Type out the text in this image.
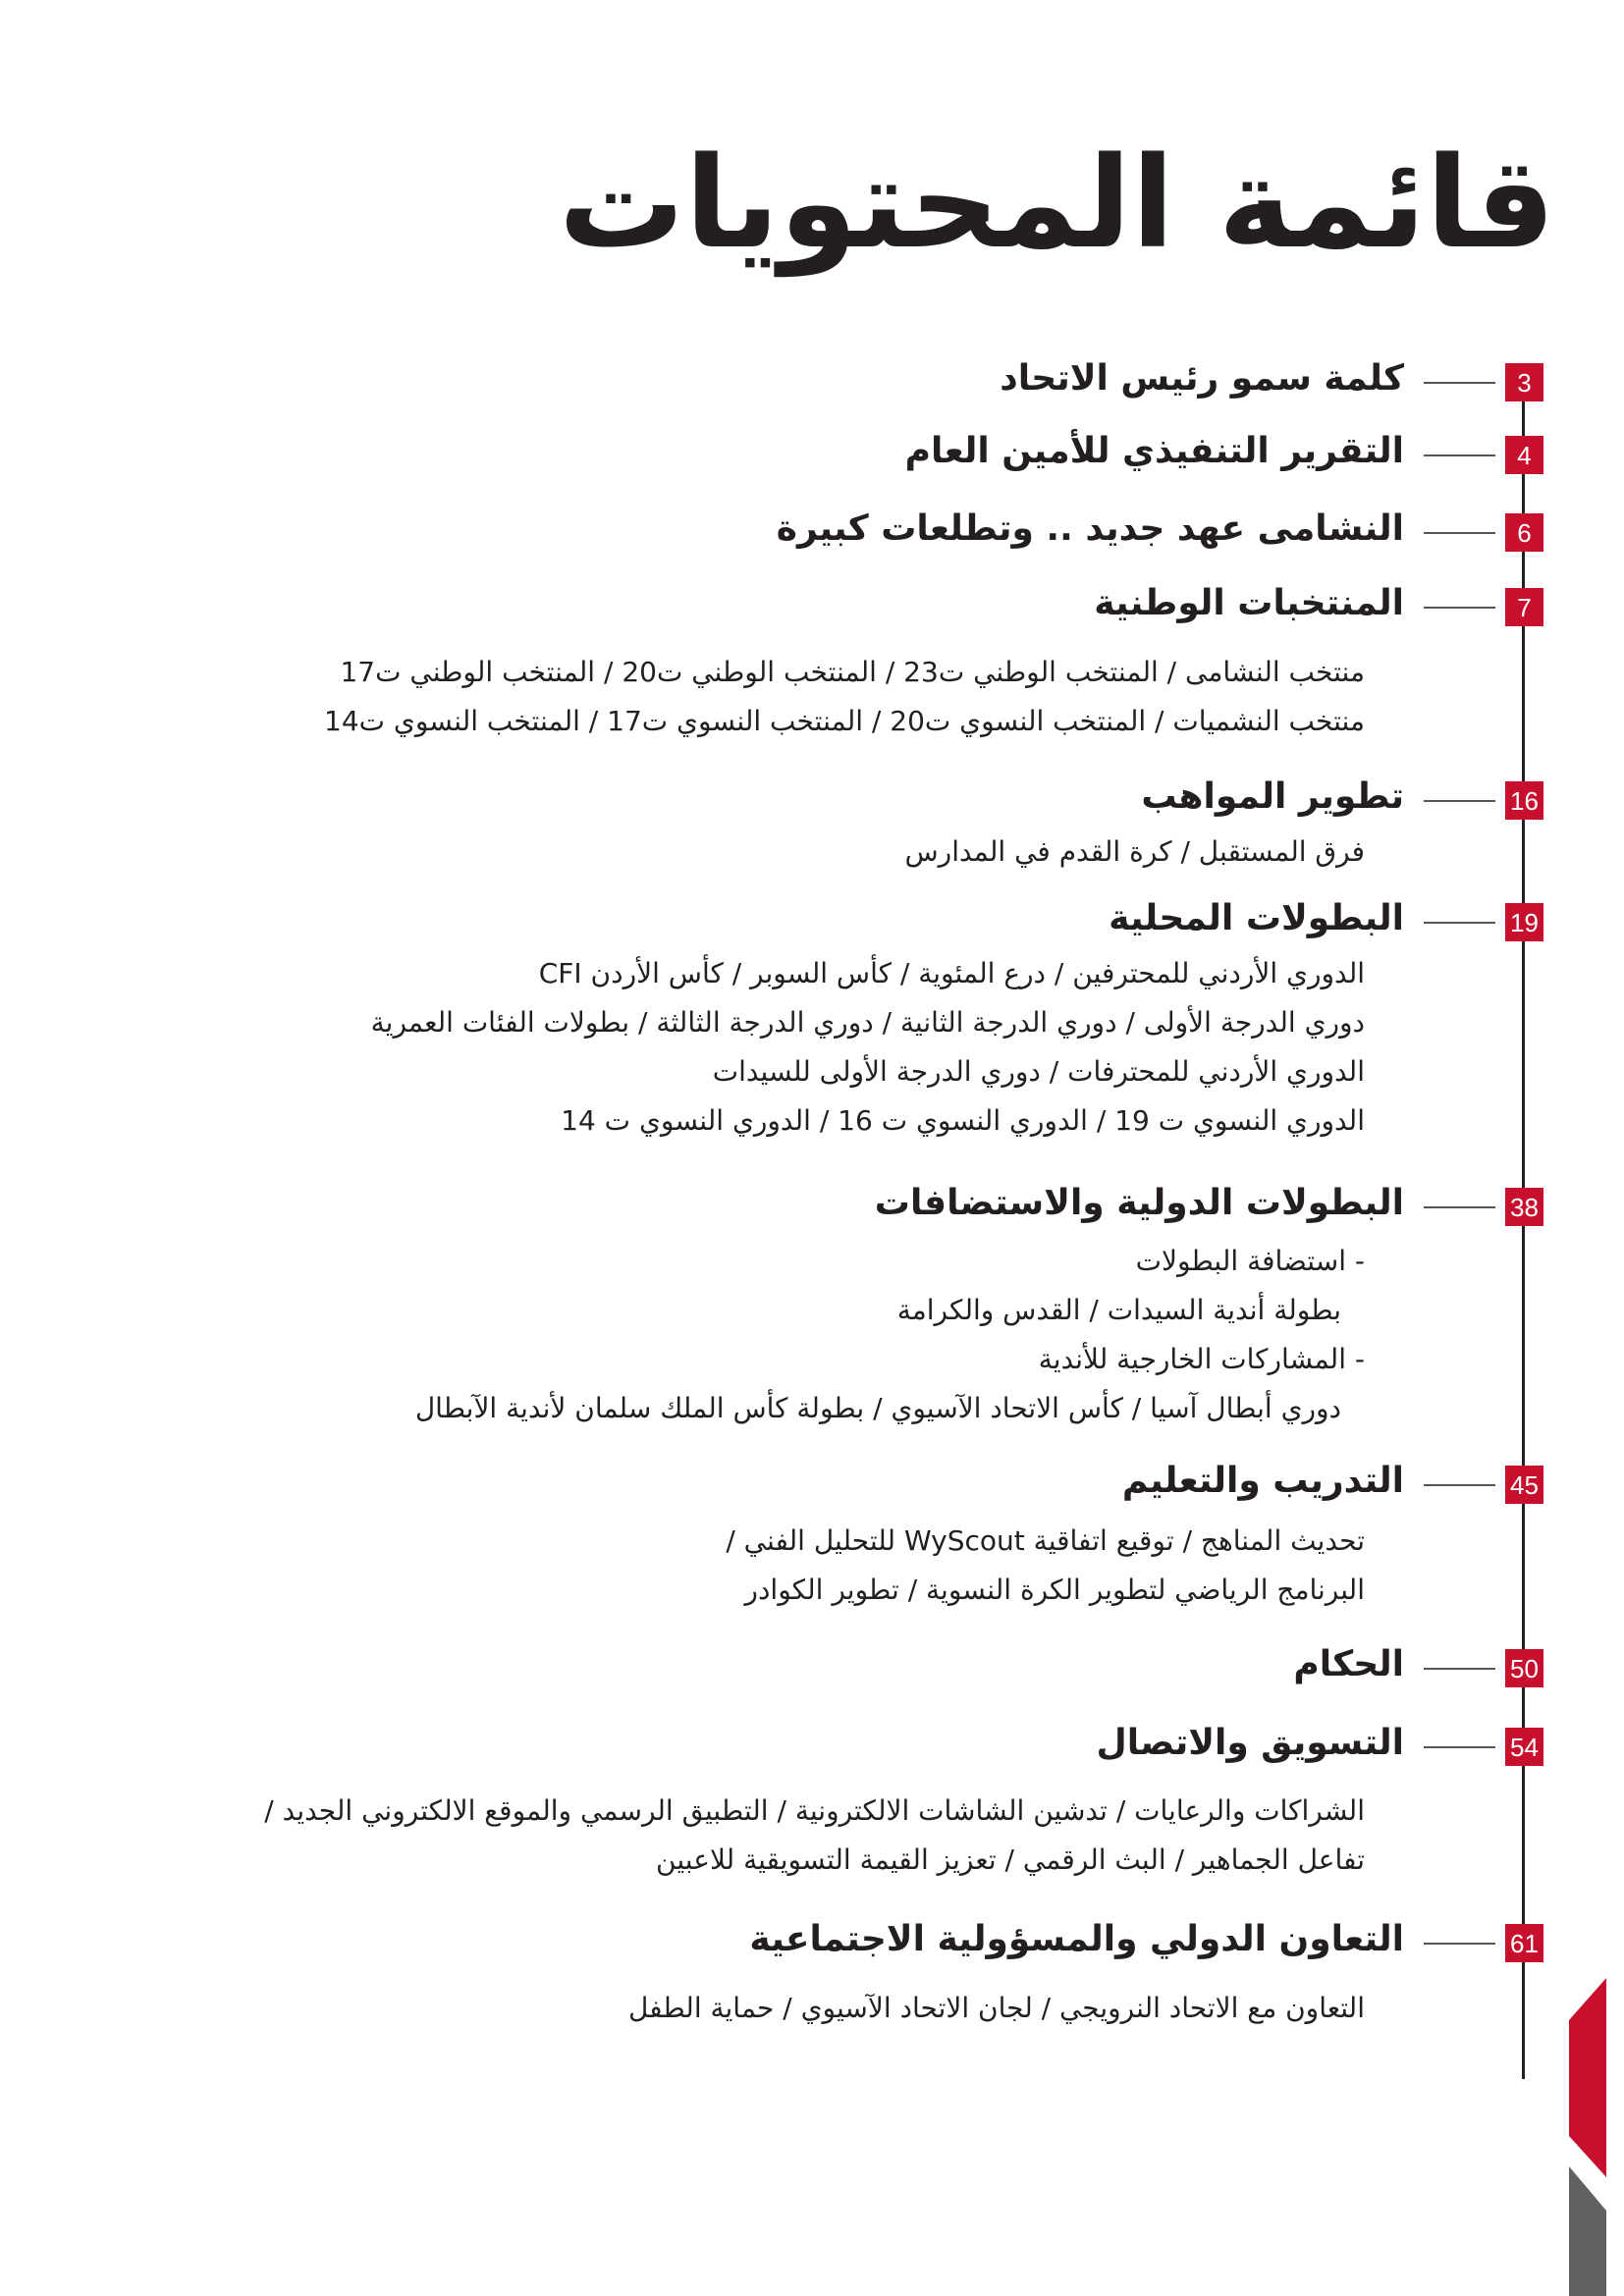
قائمة المحتويات
3
كلمة سمو رئيس الاتحاد
4
التقرير التنفيذي للأمين العام
6
النشامى عهد جديد .. وتطلعات كبيرة
7
المنتخبات الوطنية
منتخب النشامى / المنتخب الوطني ت23 / المنتخب الوطني ت20 / المنتخب الوطني ت17
منتخب النشميات / المنتخب النسوي ت20 / المنتخب النسوي ت17 / المنتخب النسوي ت14
16
تطوير المواهب
فرق المستقبل / كرة القدم في المدارس
19
البطولات المحلية
الدوري الأردني للمحترفين / درع المئوية / كأس السوبر / كأس الأردن CFI
دوري الدرجة الأولى / دوري الدرجة الثانية / دوري الدرجة الثالثة / بطولات الفئات العمرية
الدوري الأردني للمحترفات / دوري الدرجة الأولى للسيدات
الدوري النسوي ت 19 / الدوري النسوي ت 16 / الدوري النسوي ت 14
38
البطولات الدولية والاستضافات
- استضافة البطولات
بطولة أندية السيدات / القدس والكرامة
- المشاركات الخارجية للأندية
دوري أبطال آسيا / كأس الاتحاد الآسيوي / بطولة كأس الملك سلمان لأندية الآبطال
45
التدريب والتعليم
تحديث المناهج / توقيع اتفاقية WyScout للتحليل الفني /
البرنامج الرياضي لتطوير الكرة النسوية / تطوير الكوادر
50
الحكام
54
التسويق والاتصال
الشراكات والرعايات / تدشين الشاشات الالكترونية / التطبيق الرسمي والموقع الالكتروني الجديد /
تفاعل الجماهير / البث الرقمي / تعزيز القيمة التسويقية للاعبين
61
التعاون الدولي والمسؤولية الاجتماعية
التعاون مع الاتحاد النرويجي / لجان الاتحاد الآسيوي / حماية الطفل
